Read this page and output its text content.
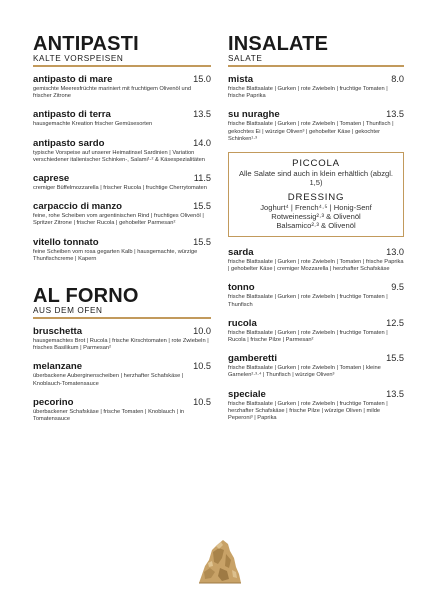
ANTIPASTI

KALTE VORSPEISEN

antipasto di mare	15.0
gemischte Meeresfrüchte mariniert mit fruchtigem Olivenöl und frischer Zitrone
antipasto di terra	13.5
hausgemachte Kreation frischer Gemüsesorten
antipasto sardo	14.0
typische Vorspeise auf unserer Heimatinsel Sardinien | Variation verschiedener italienischer Schinken-, Salami¹·² & Käsespezialitäten
caprese	11.5
cremiger Büffelmozzarella | frischer Rucola | fruchtige Cherrytomaten
carpaccio di manzo	15.5
feine, rohe Scheiben vom argentinischen Rind | fruchtiges Olivenöl | Spritzer Zitrone | frischer Rucola | gehobelter Parmesan²
vitello tonnato	15.5
feine Scheiben vom rosa gegarten Kalb | hausgemachte, würzige Thunfischcreme | Kapern
AL FORNO

AUS DEM OFEN

bruschetta	10.0
hausgemachtes Brot | Rucola | frische Kirschtomaten | rote Zwiebeln | frisches Basilikum | Parmesan²
melanzane	10.5
überbackene Auberginenscheiben | herzhafter Schafskäse | Knoblauch-Tomatensauce
pecorino	10.5
überbackener Schafskäse | frische Tomaten | Knoblauch | in Tomatensauce
INSALATE

SALATE

mista	8.0
frische Blattsalate | Gurken | rote Zwiebeln | fruchtige Tomaten | frische Paprika
su nuraghe	13.5
frische Blattsalate | Gurken | rote Zwiebeln | Tomaten | Thunfisch | gekochtes Ei | würzige Oliven³ | gehobelter Käse | gekochter Schinken¹·³
PICCOLA
Alle Salate sind auch in klein erhältlich (abzgl. 1,5)
DRESSING
Joghurt⁴ | French⁴·⁵ | Honig-Senf
Rotweinessig²·³ & Olivenöl
Balsamico²·³ & Olivenöl
sarda	13.0
frische Blattsalate | Gurken | rote Zwiebeln | Tomaten | frische Paprika | gehobelter Käse | cremiger Mozzarella | herzhafter Schafskäse
tonno	9.5
frische Blattsalate | Gurken | rote Zwiebeln | fruchtige Tomaten | Thunfisch
rucola	12.5
frische Blattsalate | Gurken | rote Zwiebeln | fruchtige Tomaten | Rucola | frische Pilze | Parmesan²
gamberetti	15.5
frische Blattsalate | Gurken | rote Zwiebeln | Tomaten | kleine Garnelen²·³·⁴ | Thunfisch | würzige Oliven³
speciale	13.5
frische Blattsalate | Gurken | rote Zwiebeln | fruchtige Tomaten | herzhafter Schafskäse | frische Pilze | würzige Oliven | milde Peperoni³ | Paprika
